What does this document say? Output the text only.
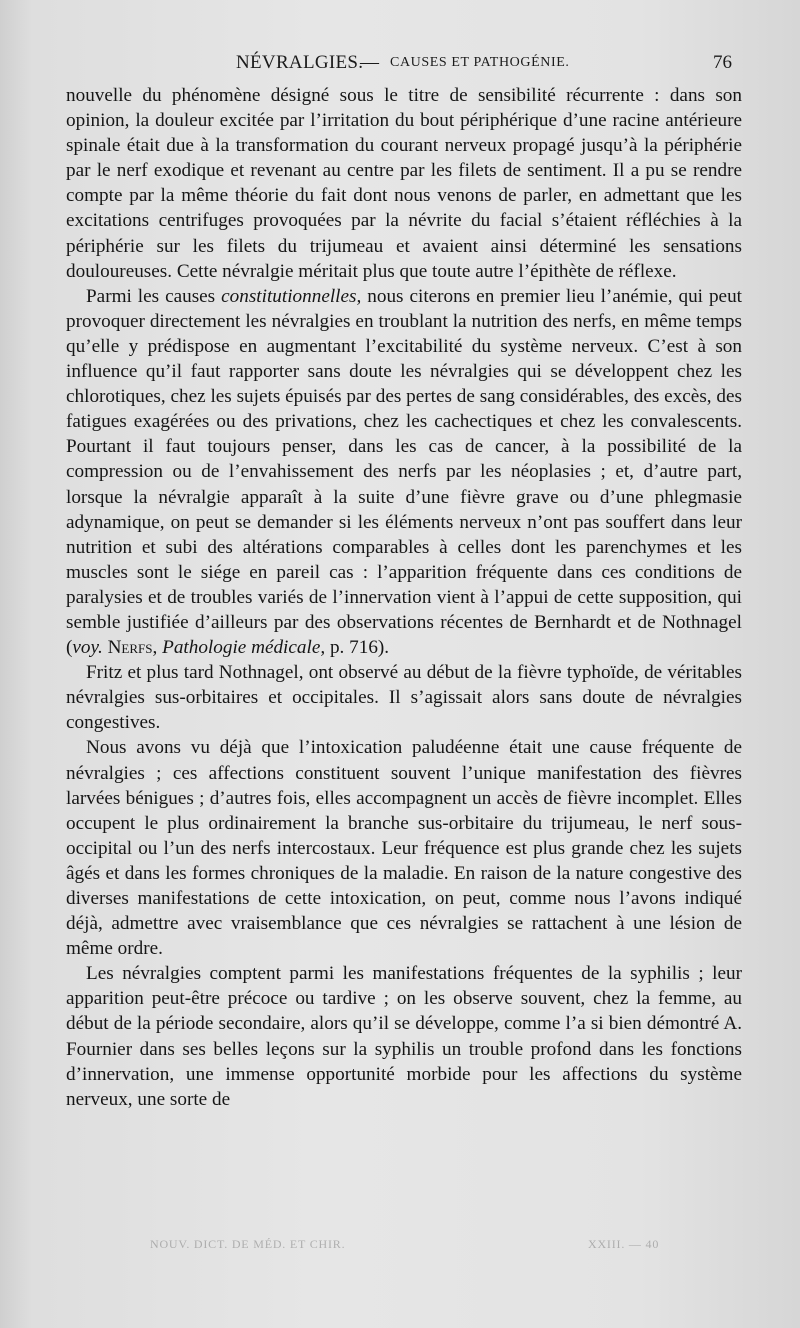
NÉVRALGIES.
— CAUSES ET PATHOGÉNIE.	76

nouvelle du phénomène désigné sous le titre de sensibilité récurrente : dans son opinion, la douleur excitée par l’irritation du bout périphérique d’une racine antérieure spinale était due à la transformation du courant nerveux propagé jusqu’à la périphérie par le nerf exodique et revenant au centre par les filets de sentiment. Il a pu se rendre compte par la même théorie du fait dont nous venons de parler, en admettant que les excitations centrifuges provoquées par la névrite du facial s’étaient réfléchies à la périphérie sur les filets du trijumeau et avaient ainsi déterminé les sensations douloureuses. Cette névralgie méritait plus que toute autre l’épithète de réflexe.

Parmi les causes constitutionnelles, nous citerons en premier lieu l’anémie, qui peut provoquer directement les névralgies en troublant la nutrition des nerfs, en même temps qu’elle y prédispose en augmentant l’excitabilité du système nerveux. C’est à son influence qu’il faut rapporter sans doute les névralgies qui se développent chez les chlorotiques, chez les sujets épuisés par des pertes de sang considérables, des excès, des fatigues exagérées ou des privations, chez les cachectiques et chez les convalescents. Pourtant il faut toujours penser, dans les cas de cancer, à la possibilité de la compression ou de l’envahissement des nerfs par les néoplasies ; et, d’autre part, lorsque la névralgie apparaît à la suite d’une fièvre grave ou d’une phlegmasie adynamique, on peut se demander si les éléments nerveux n’ont pas souffert dans leur nutrition et subi des altérations comparables à celles dont les parenchymes et les muscles sont le siége en pareil cas : l’apparition fréquente dans ces conditions de paralysies et de troubles variés de l’innervation vient à l’appui de cette supposition, qui semble justifiée d’ailleurs par des observations récentes de Bernhardt et de Nothnagel (voy. Nerfs, Pathologie médicale, p. 716).

Fritz et plus tard Nothnagel, ont observé au début de la fièvre typhoïde, de véritables névralgies sus-orbitaires et occipitales. Il s’agissait alors sans doute de névralgies congestives.

Nous avons vu déjà que l’intoxication paludéenne était une cause fréquente de névralgies ; ces affections constituent souvent l’unique manifestation des fièvres larvées bénigues ; d’autres fois, elles accompagnent un accès de fièvre incomplet. Elles occupent le plus ordinairement la branche sus-orbitaire du trijumeau, le nerf sous-occipital ou l’un des nerfs intercostaux. Leur fréquence est plus grande chez les sujets âgés et dans les formes chroniques de la maladie. En raison de la nature congestive des diverses manifestations de cette intoxication, on peut, comme nous l’avons indiqué déjà, admettre avec vraisemblance que ces névralgies se rattachent à une lésion de même ordre.

Les névralgies comptent parmi les manifestations fréquentes de la syphilis ; leur apparition peut-être précoce ou tardive ; on les observe souvent, chez la femme, au début de la période secondaire, alors qu’il se développe, comme l’a si bien démontré A. Fournier dans ses belles leçons sur la syphilis un trouble profond dans les fonctions d’innervation, une immense opportunité morbide pour les affections du système nerveux, une sorte de

NOUV. DICT. DE MÉD. ET CHIR.	XXIII. — 40
